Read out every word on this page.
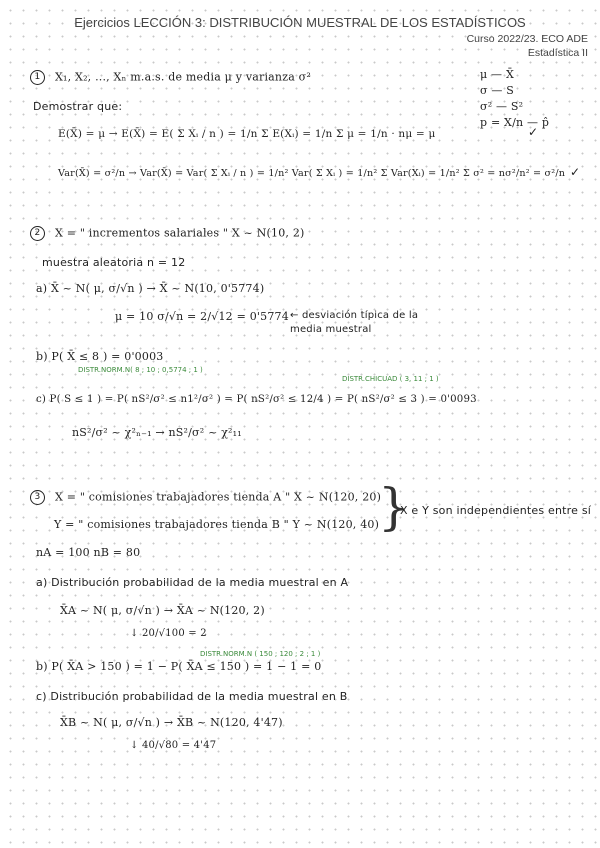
Ejercicios LECCIÓN 3: DISTRIBUCIÓN MUESTRAL DE LOS ESTADÍSTICOS
Curso 2022/23. ECO ADE
Estadística II
1 X₁, X₂, ..., Xₙ m.a.s. de media μ y varianza σ²	μ — X̄
σ — S
σ² — S²
p = X/n — p̂
Demostrar que:
E(X̄) = μ → E(X̄) = E( Σ Xᵢ / n ) = 1/n Σ E(Xᵢ) = 1/n Σ μ = 1/n · nμ = μ	✓
Var(X̄) = σ²/n → Var(X̄) = Var( Σ Xᵢ / n ) = 1/n² Var( Σ Xᵢ ) = 1/n² Σ Var(Xᵢ) = 1/n² Σ σ² = nσ²/n² = σ²/n ✓
2 X = " incrementos salariales " X ~ N(10, 2)
muestra aleatoria n = 12
a) X̄ ~ N( μ, σ/√n ) → X̄ ~ N(10, 0'5774)
μ = 10 σ/√n = 2/√12 = 0'5774 ← desviación típica de la
media muestral
b) P( X̄ ≤ 8 ) = 0'0003
DISTR.NORM.N( 8 ; 10 ; 0,5774 ; 1 )
DISTR.CHICUAD ( 3, 11 ; 1 )
c) P( S ≤ 1 ) = P( nS²/σ² ≤ n1²/σ² ) = P( nS²/σ² ≤ 12/4 ) = P( nS²/σ² ≤ 3 ) = 0'0093
nS²/σ² ~ χ²ₙ₋₁ → nS²/σ² ~ χ²₁₁
3 X = " comisiones trabajadores tienda A " X ~ N(120, 20)
Y = " comisiones trabajadores tienda B " Y ~ N(120, 40)
}
X e Y son independientes entre sí
nA = 100 nB = 80
a) Distribución probabilidad de la media muestral en A
X̄A ~ N( μ, σ/√n ) → X̄A ~ N(120, 2)
↓ 20/√100 = 2
DISTR.NORM.N ( 150 ; 120 ; 2 ; 1 )
b) P( X̄A > 150 ) = 1 − P( X̄A ≤ 150 ) = 1 − 1 = 0
c) Distribución probabilidad de la media muestral en B
X̄B ~ N( μ, σ/√n ) → X̄B ~ N(120, 4'47)
↓ 40/√80 = 4'47
